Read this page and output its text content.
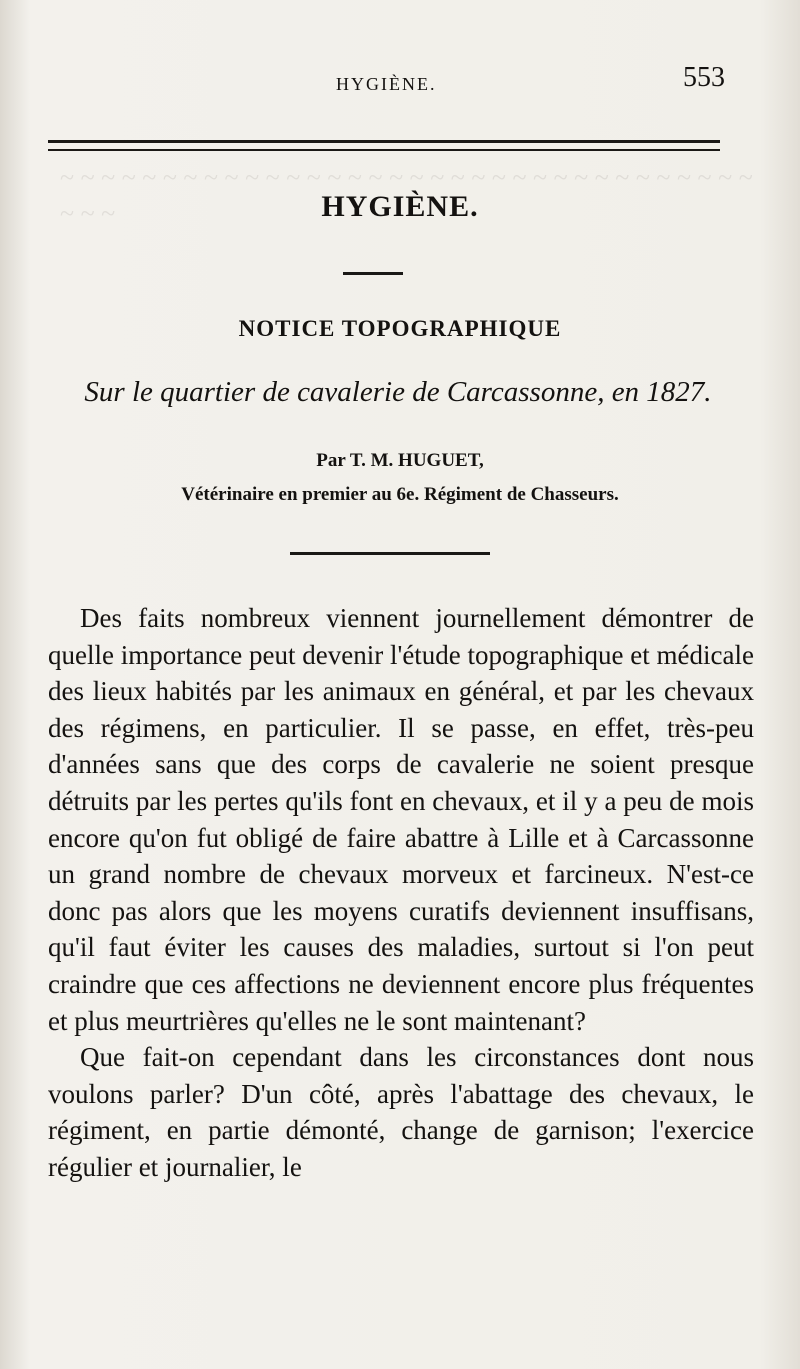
~ ~ ~ ~ ~ ~ ~ ~ ~ ~ ~ ~ ~ ~ ~ ~ ~ ~ ~ ~ ~ ~ ~ ~ ~ ~ ~ ~ ~ ~ ~ ~ ~ ~ ~ ~ ~
HYGIÈNE.	553
HYGIÈNE.
NOTICE TOPOGRAPHIQUE
Sur le quartier de cavalerie de Carcassonne, en 1827.
Par T. M. HUGUET,
Vétérinaire en premier au 6e. Régiment de Chasseurs.

Des faits nombreux viennent journellement démontrer de quelle importance peut devenir l'étude topographique et médicale des lieux habités par les animaux en général, et par les chevaux des régimens, en particulier. Il se passe, en effet, très-peu d'années sans que des corps de cavalerie ne soient presque détruits par les pertes qu'ils font en chevaux, et il y a peu de mois encore qu'on fut obligé de faire abattre à Lille et à Carcassonne un grand nombre de chevaux morveux et farcineux. N'est-ce donc pas alors que les moyens curatifs deviennent insuffisans, qu'il faut éviter les causes des maladies, surtout si l'on peut craindre que ces affections ne deviennent encore plus fréquentes et plus meurtrières qu'elles ne le sont maintenant?

Que fait-on cependant dans les circonstances dont nous voulons parler? D'un côté, après l'abattage des chevaux, le régiment, en partie démonté, change de garnison; l'exercice régulier et journalier, le
